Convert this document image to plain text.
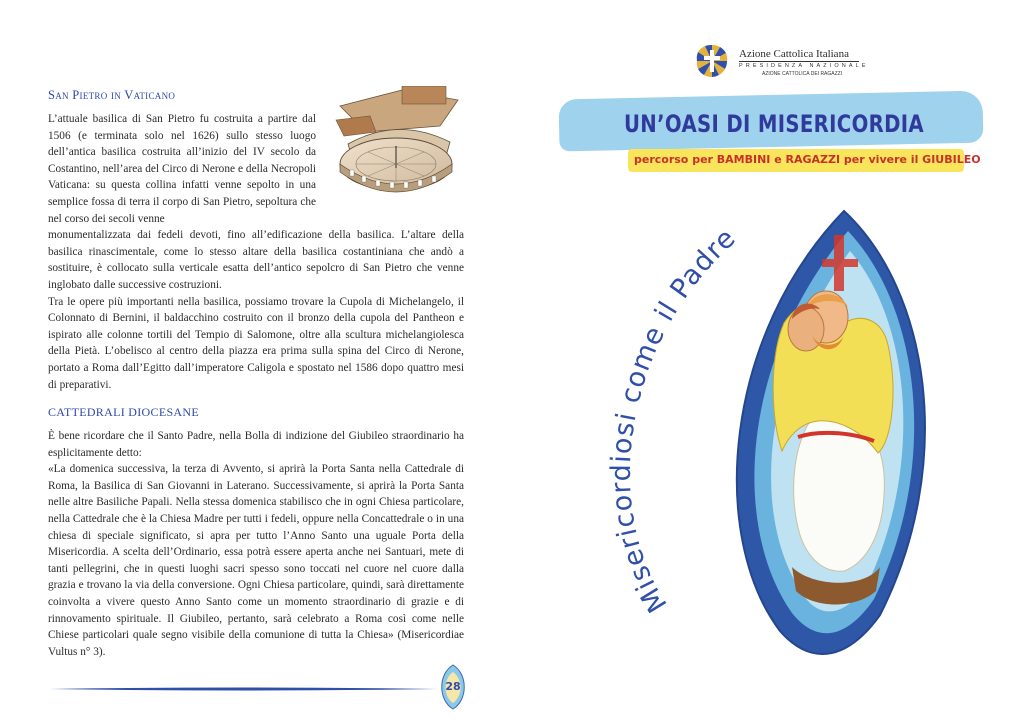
San Pietro in Vaticano

L’attuale basilica di San Pietro fu costruita a partire dal 1506 (e terminata solo nel 1626) sullo stesso luogo dell’antica basilica costruita all’inizio del IV secolo da Costantino, nell’area del Circo di Nerone e della Necropoli Vaticana: su questa collina infatti venne sepolto in una semplice fossa di terra il corpo di San Pietro, sepoltura che nel corso dei secoli venne
monumentalizzata dai fedeli devoti, fino all’edificazione della basilica. L’altare della basilica rinascimentale, come lo stesso altare della basilica costantiniana che andò a sostituire, è collocato sulla verticale esatta dell’antico sepolcro di San Pietro che venne inglobato dalle successive costruzioni.
Tra le opere più importanti nella basilica, possiamo trovare la Cupola di Michelangelo, il Colonnato di Bernini, il baldacchino costruito con il bronzo della cupola del Pantheon e ispirato alle colonne tortili del Tempio di Salomone, oltre alla scultura michelangiolesca della Pietà. L’obelisco al centro della piazza era prima sulla spina del Circo di Nerone, portato a Roma dall’Egitto dall’imperatore Caligola e spostato nel 1586 dopo quattro mesi di preparativi.

CATTEDRALI DIOCESANE

È bene ricordare che il Santo Padre, nella Bolla di indizione del Giubileo straordinario ha esplicitamente detto:
«La domenica successiva, la terza di Avvento, si aprirà la Porta Santa nella Cattedrale di Roma, la Basilica di San Giovanni in Laterano. Successivamente, si aprirà la Porta Santa nelle altre Basiliche Papali. Nella stessa domenica stabilisco che in ogni Chiesa particolare, nella Cattedrale che è la Chiesa Madre per tutti i fedeli, oppure nella Concattedrale o in una chiesa di speciale significato, si apra per tutto l’Anno Santo una uguale Porta della Misericordia. A scelta dell’Ordinario, essa potrà essere aperta anche nei Santuari, mete di tanti pellegrini, che in questi luoghi sacri spesso sono toccati nel cuore nel cuore dalla grazia e trovano la via della conversione. Ogni Chiesa particolare, quindi, sarà direttamente coinvolta a vivere questo Anno Santo come un momento straordinario di grazie e di rinnovamento spirituale. Il Giubileo, pertanto, sarà celebrato a Roma così come nelle Chiese particolari quale segno visibile della comunione di tutta la Chiesa» (Misericordiae Vultus n° 3).

28
Azione Cattolica Italiana
PRESIDENZA NAZIONALE
AZIONE CATTOLICA DEI RAGAZZI
UN’OASI DI MISERICORDIA
percorso per BAMBINI e RAGAZZI per vivere il GIUBILEO
Misericordiosi come il Padre
